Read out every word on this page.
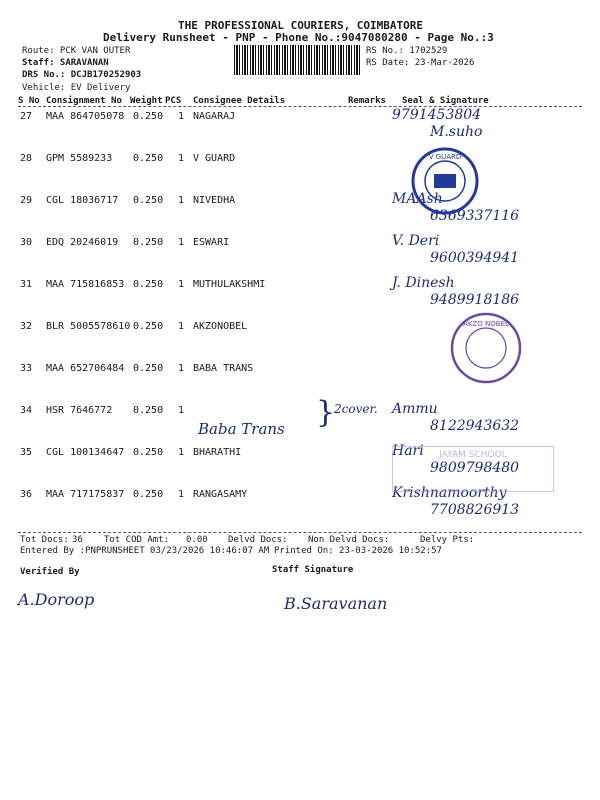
THE PROFESSIONAL COURIERS, COIMBATORE
Delivery Runsheet - PNP - Phone No.:9047080280 - Page No.:3
Route: PCK VAN OUTER
Staff: SARAVANAN
DRS No.: DCJB170252903
Vehicle: EV Delivery
RS No.: 1702529
RS Date: 23-Mar-2026
S No Consignment No Weight PCS Consignee Details	Remarks Seal & Signature
27 MAA 864705078 0.250 1 NAGARAJ	9791453804
M.suho
28 GPM 5589233 0.250 1 V GUARD
29 CGL 18036717 0.250 1 NIVEDHA	MAAsh
6369337116
30 EDQ 20246019 0.250 1 ESWARI	V. Deri
9600394941
31 MAA 715816853 0.250 1 MUTHULAKSHMI	J. Dinesh
9489918186
32 BLR 5005578610 0.250 1 AKZONOBEL
33 MAA 652706484 0.250 1 BABA TRANS
34 HSR 7646772 0.250 1	Ammu
8122943632
35 CGL 100134647 0.250 1 BHARATHI	Hari
9809798480
36 MAA 717175837 0.250 1 RANGASAMY	Krishnamoorthy
7708826913
Baba Trans }
2cover.
V GUARD
AKZO NOBEL
JAYAM SCHOOL
Tot Docs: 36 Tot COD Amt: 0.00 Delvd Docs: Non Delvd Docs:	Delvy Pts:
Entered By :PNPRUNSHEET 03/23/2026 10:46:07 AM Printed On: 23-03-2026 10:52:57
Verified By	Staff Signature
A.Doroop	B.Saravanan
